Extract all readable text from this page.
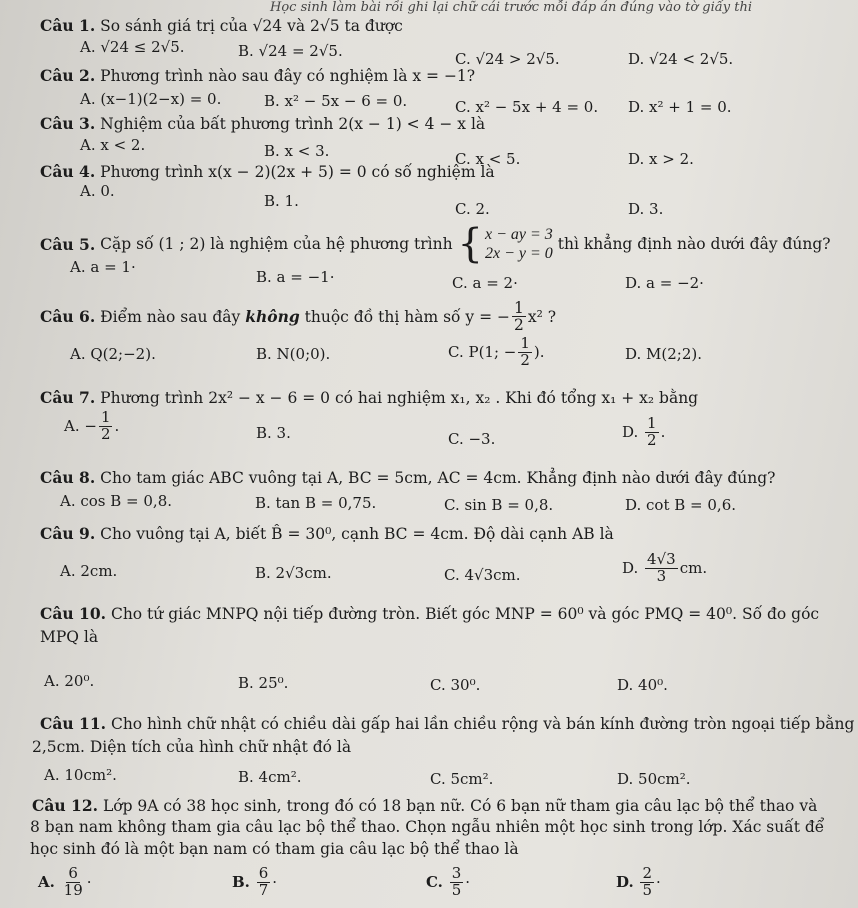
Học sinh làm bài rồi ghi lại chữ cái trước mỗi đáp án đúng vào tờ giấy thi
Câu 1. So sánh giá trị của √24 và 2√5 ta được
A. √24 ≤ 2√5.	B. √24 = 2√5.	C. √24 > 2√5.	D. √24 < 2√5.
Câu 2. Phương trình nào sau đây có nghiệm là x = −1?
A. (x−1)(2−x) = 0.	B. x² − 5x − 6 = 0.	C. x² − 5x + 4 = 0. D. x² + 1 = 0.
Câu 3. Nghiệm của bất phương trình 2(x − 1) < 4 − x là
A. x < 2.	B. x < 3.	C. x < 5.	D. x > 2.
Câu 4. Phương trình x(x − 2)(2x + 5) = 0 có số nghiệm là
A. 0.
B. 1.	C. 2.	D. 3.
Câu 5.
Cặp số (1 ; 2) là nghiệm của hệ phương trình
{ x − ay = 3
2x − y = 0

thì khẳng định nào dưới đây đúng?
A. a = 1·
B. a = −1·	C. a = 2·	D. a = −2·
Câu 6.
Điểm nào sau đây
không
thuộc đồ thị hàm số y = − $\frac{1}{2} x^2$ ?
A. Q(2;−2).	B. N(0;0).	C. P(1; − $\frac{1}{2}$ ).	D. M(2;2).
Câu 7. Phương trình 2x² − x − 6 = 0 có hai nghiệm x₁, x₂ . Khi đó tổng x₁ + x₂ bằng
A. − $\frac{1}{2}$ .	B. 3.	C. −3.	D.
$\frac{1}{2}$ .
Câu 8. Cho tam giác ABC vuông tại A, BC = 5cm, AC = 4cm. Khẳng định nào dưới đây đúng?
A. cos B = 0,8.	B. tan B = 0,75.	C. sin B = 0,8.	D. cot B = 0,6.
Câu 9. Cho vuông tại A, biết B̂ = 30⁰, cạnh BC = 4cm. Độ dài cạnh AB là
A. 2cm.	B. 2√3cm.	C. 4√3cm.	D.
$\frac{4√3}{3}$ cm.
Câu 10. Cho tứ giác MNPQ nội tiếp đường tròn. Biết góc MNP = 60⁰ và góc PMQ = 40⁰. Số đo góc
MPQ là
A. 20⁰.	B. 25⁰.	C. 30⁰.	D. 40⁰.
Câu 11. Cho hình chữ nhật có chiều dài gấp hai lần chiều rộng và bán kính đường tròn ngoại tiếp bằng
2,5cm. Diện tích của hình chữ nhật đó là
A. 10cm².	B. 4cm².	C. 5cm².	D. 50cm².
Câu 12. Lớp 9A có 38 học sinh, trong đó có 18 bạn nữ. Có 6 bạn nữ tham gia câu lạc bộ thể thao và
8 bạn nam không tham gia câu lạc bộ thể thao. Chọn ngẫu nhiên một học sinh trong lớp. Xác suất để
học sinh đó là một bạn nam có tham gia câu lạc bộ thể thao là
A.
$\frac{6}{19}$ ·	B.
$\frac{6}{7}$ ·	C.
$\frac{3}{5}$ ·	D.
$\frac{2}{5}$ ·
